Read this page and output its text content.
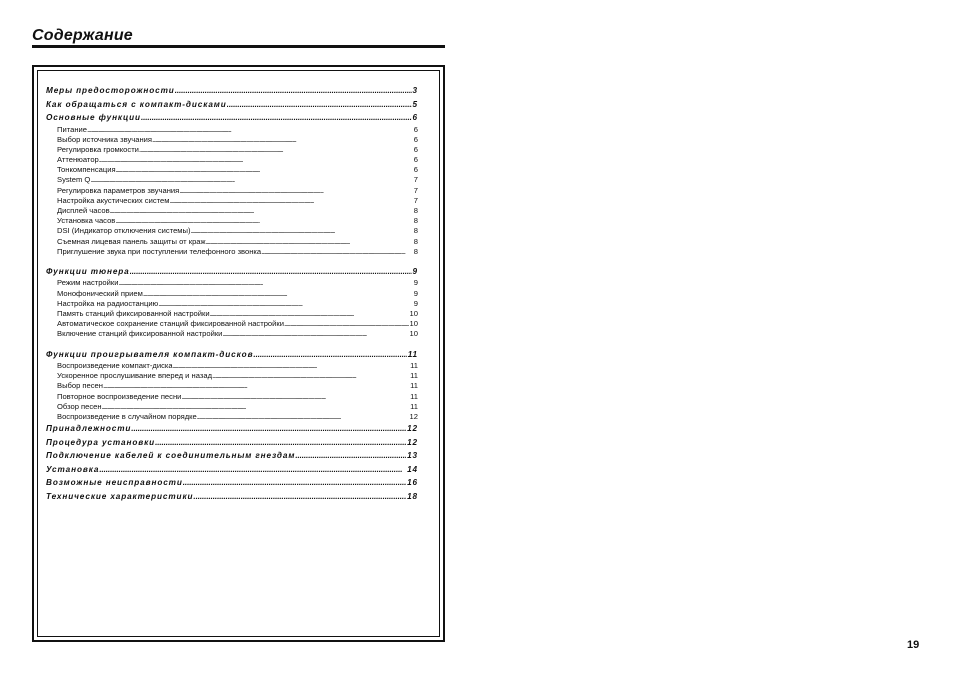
Содержание
Меры предосторожности . . .	3
Как обращаться с компакт-дисками . . .	5
Основные функции . . .	6
Питание . . .	6
Выбор источника звучания . . .	6
Регулировка громкости . . .	6
Аттенюатор . . .	6
Тонкомпенсация . . .	6
System Q . . .	7
Регулировка параметров звучания . . .	7
Настройка акустических систем . . .	7
Дисплей часов . . .	8
Установка часов . . .	8
DSI (Индикатор отключения системы) . . .	8
Съемная лицевая панель защиты от краж . . .	8
Приглушение звука при поступлении телефонного звонка . . .	8
Функции тюнера . . .	9
Режим настройки . . .	9
Монофонический прием . . .	9
Настройка на радиостанцию . . .	9
Память станций фиксированной настройки . . .	10
Автоматическое сохранение станций фиксированной настройки . . .	10
Включение станций фиксированной настройки . . .	10
Функции проигрывателя компакт-дисков . . .	11
Воспроизведение компакт-диска . . .	11
Ускоренное прослушивание вперед и назад . . .	11
Выбор песен . . .	11
Повторное воспроизведение песни . . .	11
Обзор песен . . .	11
Воспроизведение в случайном порядке . . .	12
Принадлежности . . .	12
Процедура установки . . .	12
Подключение кабелей к соединительным гнездам . . .	13
Установка . . .	14
Возможные неисправности . . .	16
Технические характеристики . . .	18
19
